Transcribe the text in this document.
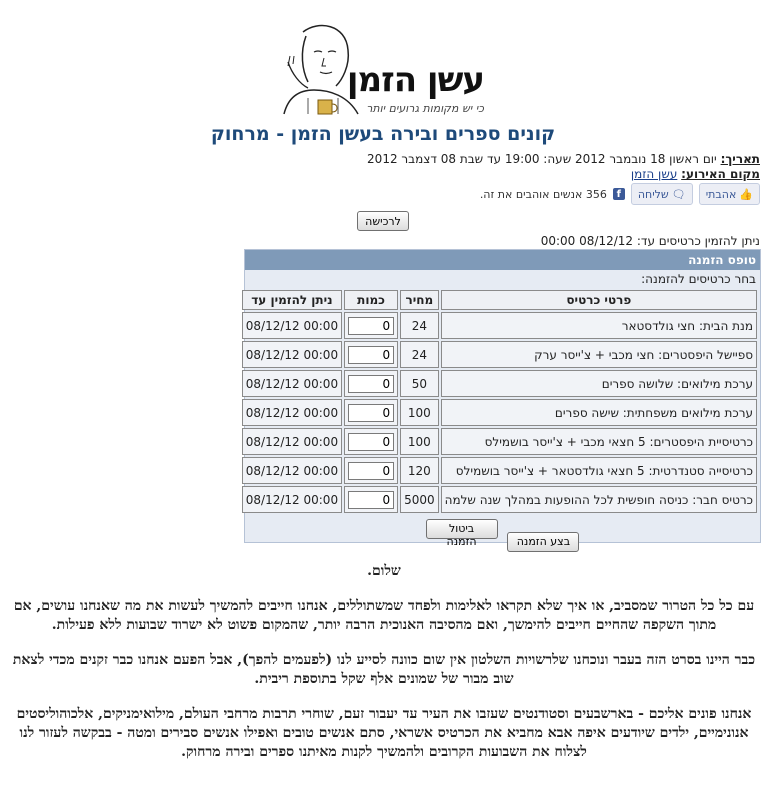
עשן הזמן
כי יש מקומות גרועים יותר
קונים ספרים ובירה בעשן הזמן - מרחוק
תאריך: יום ראשון 18 נובמבר 2012 שעה: 19:00 עד שבת 08 דצמבר 2012
מקום האירוע: עשן הזמן
👍
אהבתי
🗨
שליחה
f
356 אנשים אוהבים את זה.
לרכישה
ניתן להזמין כרטיסים עד: 08/12/12 00:00
טופס הזמנה
בחר כרטיסים להזמנה:
פרטי כרטיס	מחיר	כמות	ניתן להזמין עד
מנת הבית: חצי גולדסטאר	24	0	08/12/12 00:00
ספיישל היפסטרים: חצי מכבי + צ'ייסר ערק	24	0	08/12/12 00:00
ערכת מילואים: שלושה ספרים	50	0	08/12/12 00:00
ערכת מילואים משפחתית: שישה ספרים	100	0	08/12/12 00:00
כרטיסיית היפסטרים: 5 חצאי מכבי + צ'ייסר בושמילס	100	0	08/12/12 00:00
כרטיסייה סטנדרטית: 5 חצאי גולדסטאר + צ'ייסר בושמילס	120	0	08/12/12 00:00
כרטיס חבר: כניסה חופשית לכל ההופעות במהלך שנה שלמה	5000	0	08/12/12 00:00
בצע הזמנה ביטול הזמנה

שלום.

עם כל כל הטרור שמסביב, או איך שלא תקראו לאלימות ולפחד שמשתוללים, אנחנו חייבים להמשיך לעשות את מה שאנחנו עושים, אם מתוך השקפה שהחיים חייבים להימשך, ואם מהסיבה האנוכית הרבה יותר, שהמקום פשוט לא ישרוד שבועות ללא פעילות.

כבר היינו בסרט הזה בעבר ונוכחנו שלרשויות השלטון אין שום כוונה לסייע לנו (לפעמים להפך), אבל הפעם אנחנו כבר זקנים מכדי לצאת שוב מבור של שמונים אלף שקל בתוספת ריבית.

אנחנו פונים אליכם - בארשבעים וסטודנטים שעזבו את העיר עד יעבור זעם, שוחרי תרבות מרחבי העולם, מילואימניקים, אלכוהוליסטים אנונימיים, ילדים שיודעים איפה אבא מחביא את הכרטיס אשראי, סתם אנשים טובים ואפילו אנשים סבירים ומטה - בבקשה לעזור לנו לצלוח את השבועות הקרובים ולהמשיך לקנות מאיתנו ספרים ובירה מרחוק.
